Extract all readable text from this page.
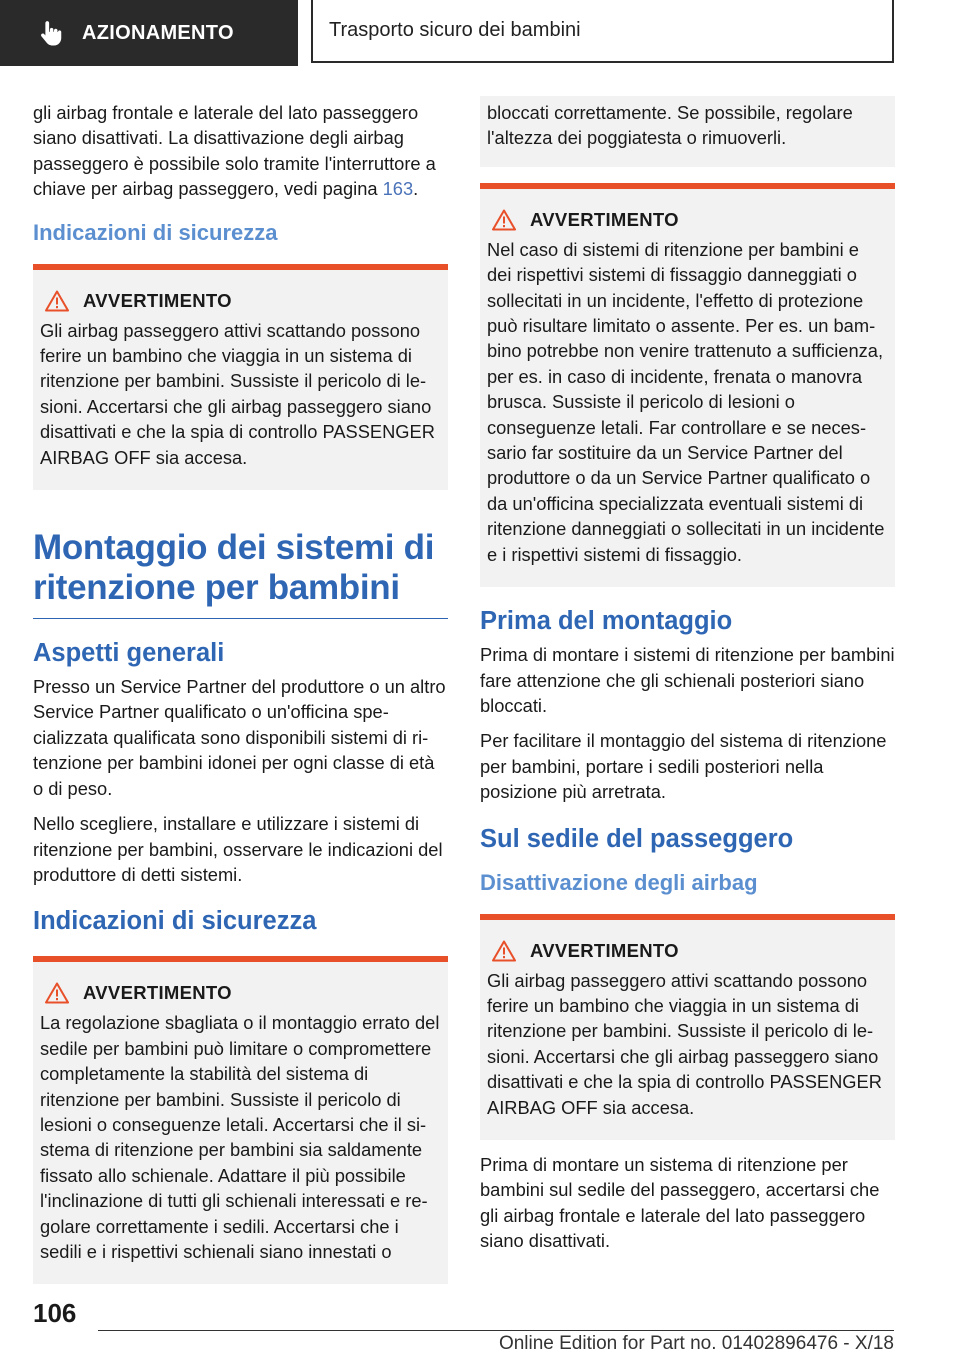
AZIONAMENTO	Trasporto sicuro dei bambini

gli airbag frontale e laterale del lato passeggero siano disattivati. La disattivazione degli airbag passeggero è possibile solo tramite l'interruttore a chiave per airbag passeggero, vedi pagina 163.

Indicazioni di sicurezza
AVVERTIMENTO

Gli airbag passeggero attivi scattando possono ferire un bambino che viaggia in un sistema di ritenzione per bambini. Sussiste il pericolo di lesioni. Accertarsi che gli airbag passeggero siano disattivati e che la spia di controllo PASSENGER AIRBAG OFF sia accesa.

Montaggio dei sistemi di ritenzione per bambini
Aspetti generali

Presso un Service Partner del produttore o un altro Service Partner qualificato o un'officina specializzata qualificata sono disponibili sistemi di ritenzione per bambini idonei per ogni classe di età o di peso.

Nello scegliere, installare e utilizzare i sistemi di ritenzione per bambini, osservare le indicazioni del produttore di detti sistemi.

Indicazioni di sicurezza
AVVERTIMENTO

La regolazione sbagliata o il montaggio errato del sedile per bambini può limitare o compromettere completamente la stabilità del sistema di ritenzione per bambini. Sussiste il pericolo di lesioni o conseguenze letali. Accertarsi che il sistema di ritenzione per bambini sia saldamente fissato allo schienale. Adattare il più possibile l'inclinazione di tutti gli schienali interessati e regolare correttamente i sedili. Accertarsi che i sedili e i rispettivi schienali siano innestati o

bloccati correttamente. Se possibile, regolare l'altezza dei poggiatesta o rimuoverli.

AVVERTIMENTO

Nel caso di sistemi di ritenzione per bambini e dei rispettivi sistemi di fissaggio danneggiati o sollecitati in un incidente, l'effetto di protezione può risultare limitato o assente. Per es. un bambino potrebbe non venire trattenuto a sufficienza, per es. in caso di incidente, frenata o manovra brusca. Sussiste il pericolo di lesioni o conseguenze letali. Far controllare e se necessario far sostituire da un Service Partner del produttore o da un Service Partner qualificato o da un'officina specializzata eventuali sistemi di ritenzione danneggiati o sollecitati in un incidente e i rispettivi sistemi di fissaggio.

Prima del montaggio

Prima di montare i sistemi di ritenzione per bambini fare attenzione che gli schienali posteriori siano bloccati.

Per facilitare il montaggio del sistema di ritenzione per bambini, portare i sedili posteriori nella posizione più arretrata.

Sul sedile del passeggero
Disattivazione degli airbag
AVVERTIMENTO

Gli airbag passeggero attivi scattando possono ferire un bambino che viaggia in un sistema di ritenzione per bambini. Sussiste il pericolo di lesioni. Accertarsi che gli airbag passeggero siano disattivati e che la spia di controllo PASSENGER AIRBAG OFF sia accesa.

Prima di montare un sistema di ritenzione per bambini sul sedile del passeggero, accertarsi che gli airbag frontale e laterale del lato passeggero siano disattivati.

106
Online Edition for Part no. 01402896476 - X/18
